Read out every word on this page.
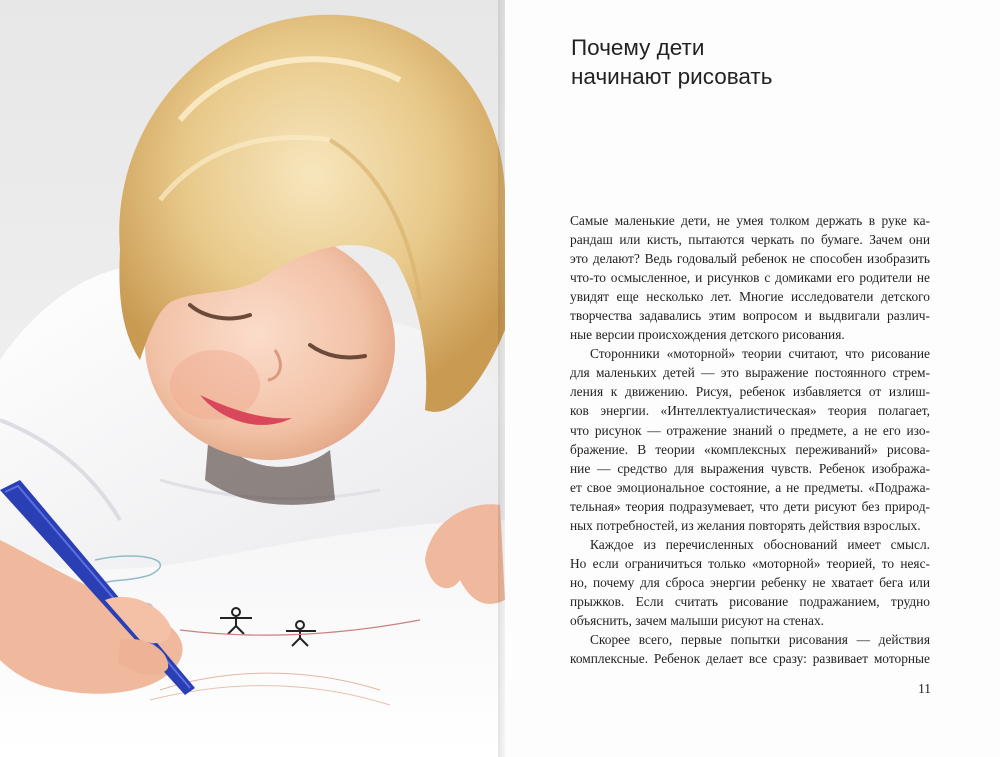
Почему дети
начинают рисовать
Самые маленькие дети, не умея толком держать в руке ка-
рандаш или кисть, пытаются черкать по бумаге. Зачем они
это делают? Ведь годовалый ребенок не способен изобразить
что-то осмысленное, и рисунков с домиками его родители не
увидят еще несколько лет. Многие исследователи детского
творчества задавались этим вопросом и выдвигали различ-
ные версии происхождения детского рисования.
Сторонники «моторной» теории считают, что рисование
для маленьких детей — это выражение постоянного стрем-
ления к движению. Рисуя, ребенок избавляется от излиш-
ков энергии. «Интеллектуалистическая» теория полагает,
что рисунок — отражение знаний о предмете, а не его изо-
бражение. В теории «комплексных переживаний» рисова-
ние — средство для выражения чувств. Ребенок изобража-
ет свое эмоциональное состояние, а не предметы. «Подража-
тельная» теория подразумевает, что дети рисуют без природ-
ных потребностей, из желания повторять действия взрослых.
Каждое из перечисленных обоснований имеет смысл.
Но если ограничиться только «моторной» теорией, то неяс-
но, почему для сброса энергии ребенку не хватает бега или
прыжков. Если считать рисование подражанием, трудно
объяснить, зачем малыши рисуют на стенах.
Скорее всего, первые попытки рисования — действия
комплексные. Ребенок делает все сразу: развивает моторные
11
